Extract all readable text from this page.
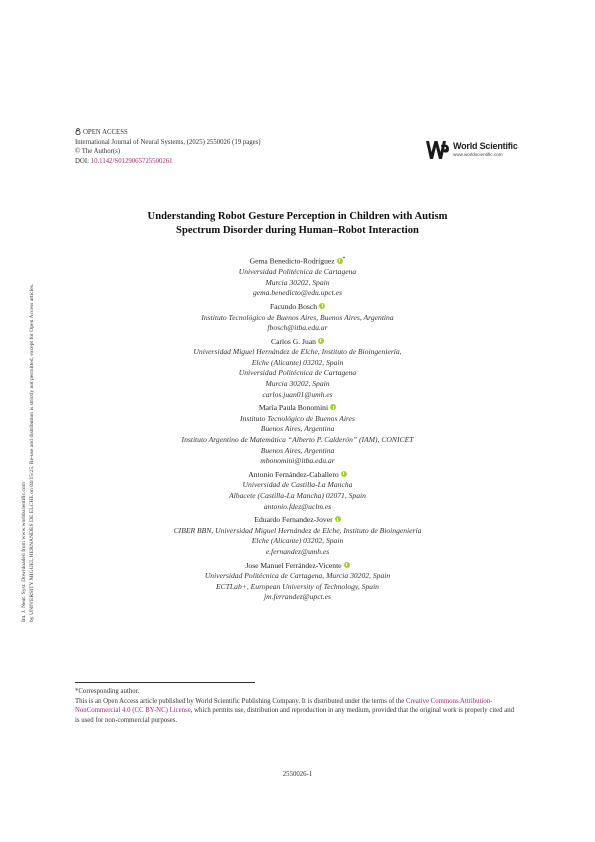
OPEN ACCESS
International Journal of Neural Systems, (2025) 2550026 (19 pages)
© The Author(s)
DOI: 10.1142/S0129065725500261
World Scientific
www.worldscientific.com
Int. J. Neur. Syst. Downloaded from www.worldscientific.com by UNIVERSITY MIGUEL HERNANDES DE ELCHE on 04/15/25. Re-use and distribution is strictly not permitted, except for Open Access articles.
Understanding Robot Gesture Perception in Children with Autism
Spectrum Disorder during Human–Robot Interaction
Gema Benedicto-Rodríguez *
Universidad Politécnica de Cartagena
Murcia 30202, Spain
gema.benedicto@edu.upct.es
Facundo Bosch
Instituto Tecnológico de Buenos Aires, Buenos Aires, Argentina
fbosch@itba.edu.ar
Carlos G. Juan
Universidad Miguel Hernández de Elche, Instituto de Bioingeniería,
Elche (Alicante) 03202, Spain
Universidad Politécnica de Cartagena
Murcia 30202, Spain
carlos.juan01@umh.es
María Paula Bonomini
Instituto Tecnológico de Buenos Aires
Buenos Aires, Argentina
Instituto Argentino de Matemática “Alberto P. Calderón” (IAM), CONICET
Buenos Aires, Argentina
mbonomini@itba.edu.ar
Antonio Fernández-Caballero
Universidad de Castilla-La Mancha
Albacete (Castilla-La Mancha) 02071, Spain
antonio.fdez@uclm.es
Eduardo Fernandez-Jover
CIBER BBN, Universidad Miguel Hernández de Elche, Instituto de Bioingeniería
Elche (Alicante) 03202, Spain
e.fernandez@umh.es
Jose Manuel Ferrández-Vicente
Universidad Politécnica de Cartagena, Murcia 30202, Spain
ECTLab+, European University of Technology, Spain
jm.ferrandez@upct.es
*Corresponding author.
This is an Open Access article published by World Scientific Publishing Company. It is distributed under the terms of the Creative Commons Attribution-NonCommercial 4.0 (CC BY-NC) License, which permits use, distribution and reproduction in any medium, provided that the original work is properly cited and is used for non-commercial purposes.
2550026-1
